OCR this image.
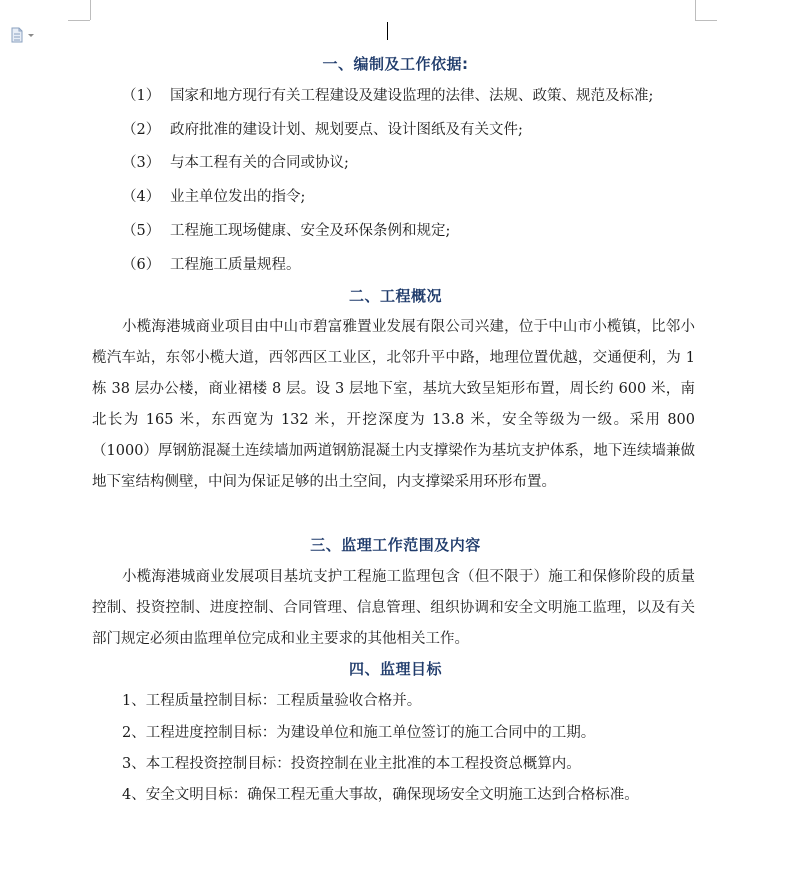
一、编制及工作依据:
（1） 国家和地方现行有关工程建设及建设监理的法律、法规、政策、规范及标准;
（2） 政府批准的建设计划、规划要点、设计图纸及有关文件;
（3） 与本工程有关的合同或协议;
（4） 业主单位发出的指令;
（5） 工程施工现场健康、安全及环保条例和规定;
（6） 工程施工质量规程。
二、工程概况
小榄海港城商业项目由中山市碧富雅置业发展有限公司兴建，位于中山市小榄镇，比邻小榄汽车站，东邻小榄大道，西邻西区工业区，北邻升平中路，地理位置优越，交通便利，为 1 栋 38 层办公楼，商业裙楼 8 层。设 3 层地下室，基坑大致呈矩形布置，周长约 600 米，南北长为 165 米，东西宽为 132 米，开挖深度为 13.8 米，安全等级为一级。采用 800（1000）厚钢筋混凝土连续墙加两道钢筋混凝土内支撑梁作为基坑支护体系，地下连续墙兼做地下室结构侧壁，中间为保证足够的出土空间，内支撑梁采用环形布置。
三、监理工作范围及内容
小榄海港城商业发展项目基坑支护工程施工监理包含（但不限于）施工和保修阶段的质量控制、投资控制、进度控制、合同管理、信息管理、组织协调和安全文明施工监理，以及有关部门规定必须由监理单位完成和业主要求的其他相关工作。
四、监理目标
1、工程质量控制目标：工程质量验收合格并。
2、工程进度控制目标：为建设单位和施工单位签订的施工合同中的工期。
3、本工程投资控制目标：投资控制在业主批准的本工程投资总概算内。
4、安全文明目标：确保工程无重大事故，确保现场安全文明施工达到合格标准。
